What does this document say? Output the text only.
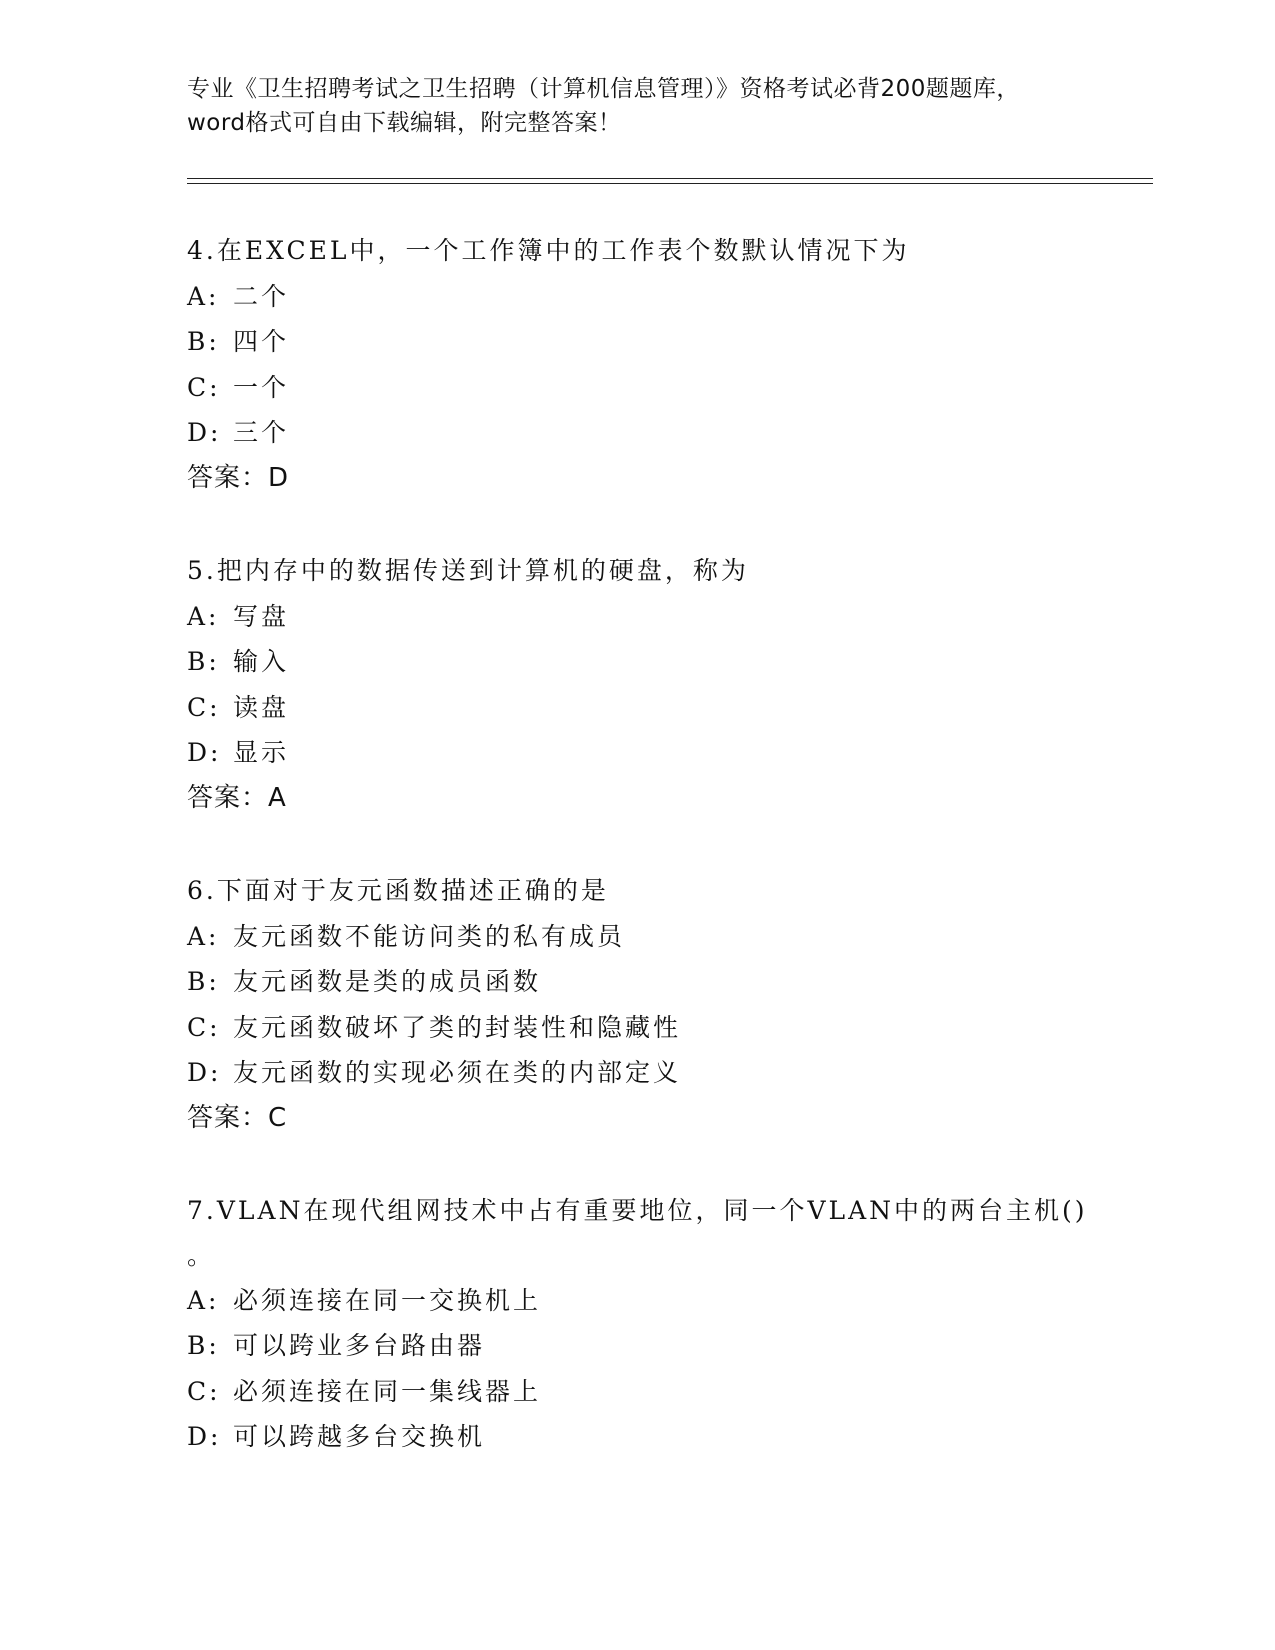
专业《卫生招聘考试之卫生招聘（计算机信息管理）》资格考试必背200题题库，
word格式可自由下载编辑，附完整答案！
4.在EXCEL中，一个工作簿中的工作表个数默认情况下为
A: 二个
B: 四个
C: 一个
D: 三个
答案：D
5.把内存中的数据传送到计算机的硬盘，称为
A: 写盘
B: 输入
C: 读盘
D: 显示
答案：A
6.下面对于友元函数描述正确的是
A: 友元函数不能访问类的私有成员
B: 友元函数是类的成员函数
C: 友元函数破坏了类的封装性和隐藏性
D: 友元函数的实现必须在类的内部定义
答案：C
7.VLAN在现代组网技术中占有重要地位，同一个VLAN中的两台主机()
。
A: 必须连接在同一交换机上
B: 可以跨业多台路由器
C: 必须连接在同一集线器上
D: 可以跨越多台交换机
